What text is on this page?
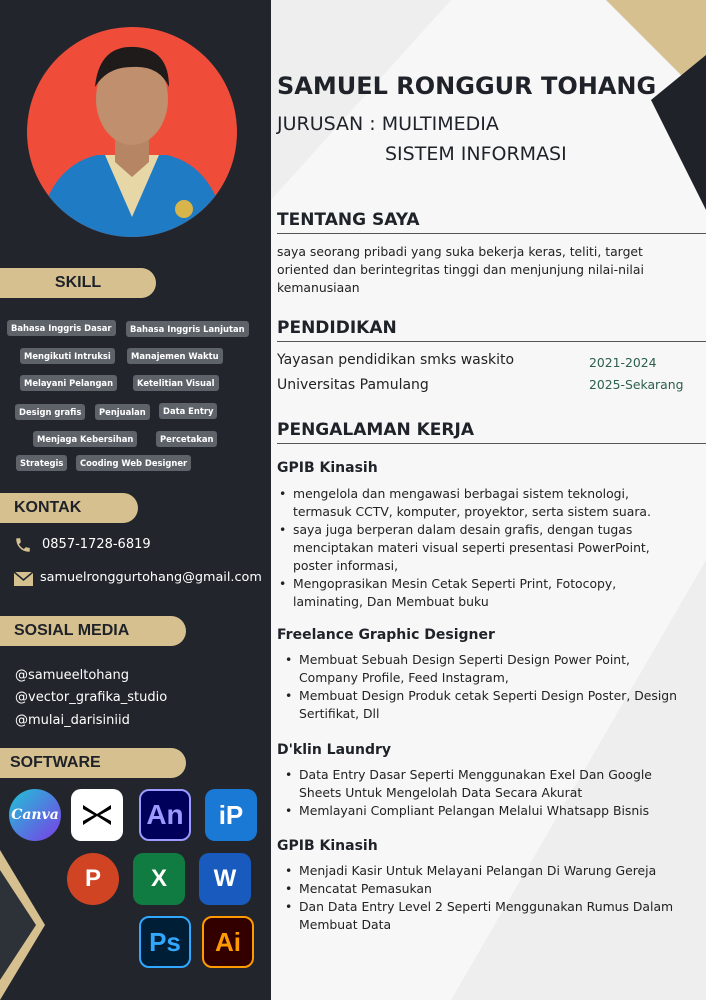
SKILL
Bahasa Inggris Dasar	Bahasa Inggris Lanjutan
Mengikuti Intruksi	Manajemen Waktu
Melayani Pelangan	Ketelitian Visual
Design grafis	Penjualan	Data Entry
Menjaga Kebersihan	Percetakan
Strategis	Cooding Web Designer
KONTAK
0857-1728-6819
samuelronggurtohang@gmail.com
SOSIAL MEDIA
@samueeltohang
@vector_grafika_studio
@mulai_darisiniid
SOFTWARE
Canva	An iP
P X W
Ps Ai
SAMUEL RONGGUR TOHANG
JURUSAN : MULTIMEDIA
SISTEM INFORMASI
TENTANG SAYA
saya seorang pribadi yang suka bekerja keras, teliti, target oriented dan berintegritas tinggi dan menjunjung nilai-nilai kemanusiaan
PENDIDIKAN
Yayasan pendidikan smks waskito	2021-2024
Universitas Pamulang	2025-Sekarang
PENGALAMAN KERJA
GPIB Kinasih
• mengelola dan mengawasi berbagai sistem teknologi, termasuk CCTV, komputer, proyektor, serta sistem suara.
• saya juga berperan dalam desain grafis, dengan tugas menciptakan materi visual seperti presentasi PowerPoint, poster informasi,
• Mengoprasikan Mesin Cetak Seperti Print, Fotocopy, laminating, Dan Membuat buku
Freelance Graphic Designer
• Membuat Sebuah Design Seperti Design Power Point, Company Profile, Feed Instagram,
• Membuat Design Produk cetak Seperti Design Poster, Design Sertifikat, Dll
D'klin Laundry
• Data Entry Dasar Seperti Menggunakan Exel Dan Google Sheets Untuk Mengelolah Data Secara Akurat
• Memlayani Compliant Pelangan Melalui Whatsapp Bisnis
GPIB Kinasih
• Menjadi Kasir Untuk Melayani Pelangan Di Warung Gereja
• Mencatat Pemasukan
• Dan Data Entry Level 2 Seperti Menggunakan Rumus Dalam Membuat Data
